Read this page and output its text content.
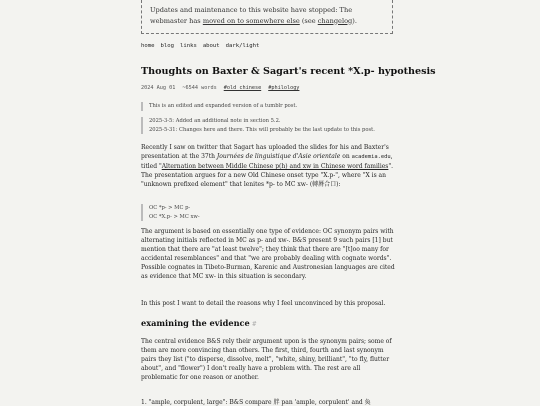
Updates and maintenance to this website have stopped: The webmaster has moved on to somewhere else (see changelog).
home blog links about dark/light
Thoughts on Baxter & Sagart's recent *X.p- hypothesis
2024 Aug 01 ~6544 words #old_chinese #philology
This is an edited and expanded version of a tumblr post.
2025-3-5: Added an additional note in section 5.2.
2025-5-31: Changes here and there. This will probably be the last update to this post.
Recently I saw on twitter that Sagart has uploaded the slides for his and Baxter's presentation at the 37th Journées de linguistique d'Asie orientale on academia.edu, titled "Alternation between Middle Chinese p(h) and xw in Chinese word families". The presentation argues for a new Old Chinese onset type "X.p-", where "X is an "unknown prefixed element" that lenites *p- to MC xw- (轉脣合口):
OC *p- > MC p-
OC *X.p- > MC xw-
The argument is based on essentially one type of evidence: OC synonym pairs with alternating initials reflected in MC as p- and xw-. B&S present 9 such pairs [1] but mention that there are "at least twelve"; they think that there are "[t]oo many for accidental resemblances" and that "we are probably dealing with cognate words". Possible cognates in Tibeto-Burman, Karenic and Austronesian languages are cited as evidence that MC xw- in this situation is secondary.
In this post I want to detail the reasons why I feel unconvinced by this proposal.
examining the evidence #
The central evidence B&S rely their argument upon is the synonym pairs; some of them are more convincing than others. The first, third, fourth and last synonym pairs they list ("to disperse, dissolve, melt", "white, shiny, brilliant", "to fly, flutter about", and "flower") I don't really have a problem with. The rest are all problematic for one reason or another.
1. "ample, corpulent, large": B&S compare 胖 pan 'ample, corpulent' and 奐
